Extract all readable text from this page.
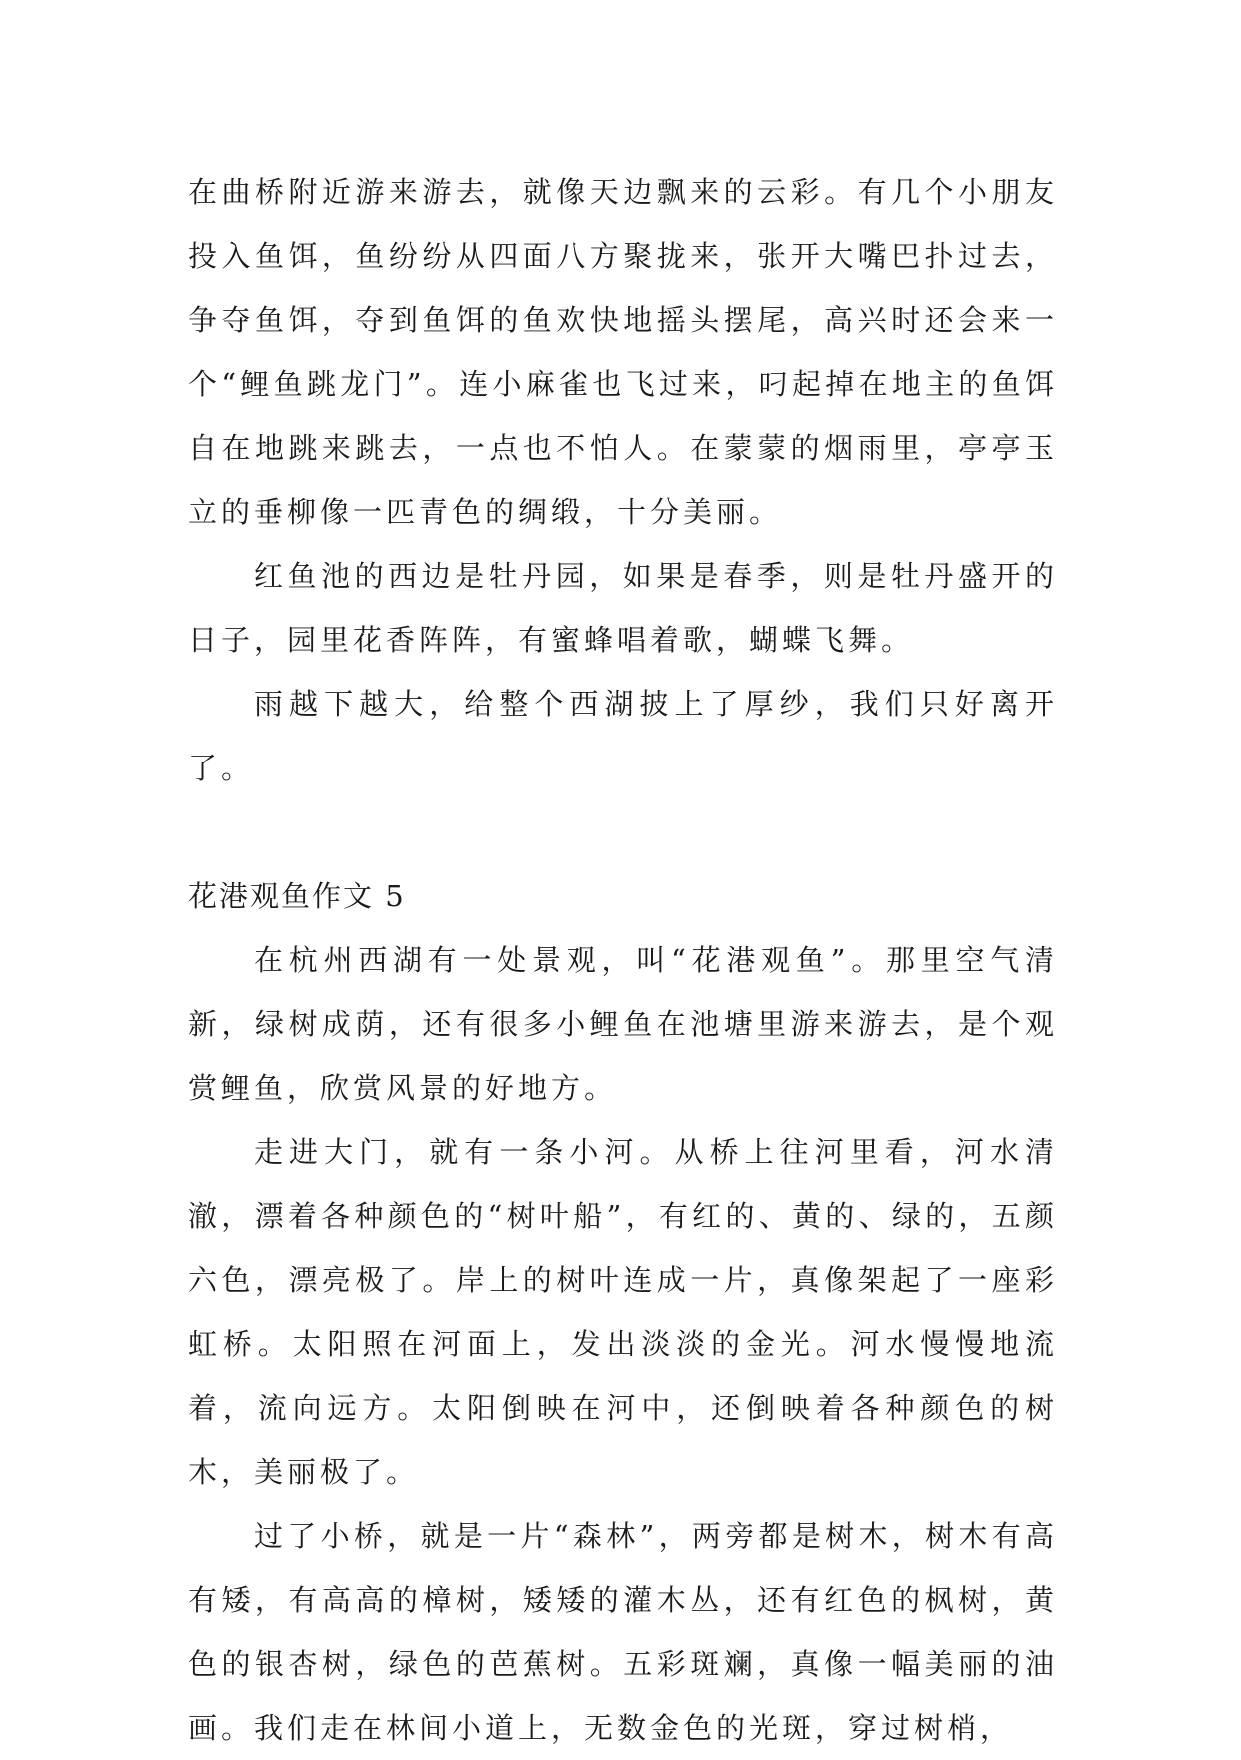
在曲桥附近游来游去，就像天边飘来的云彩。有几个小朋友投入鱼饵，鱼纷纷从四面八方聚拢来，张开大嘴巴扑过去，争夺鱼饵，夺到鱼饵的鱼欢快地摇头摆尾，高兴时还会来一个“鲤鱼跳龙门”。连小麻雀也飞过来，叼起掉在地主的鱼饵自在地跳来跳去，一点也不怕人。在蒙蒙的烟雨里，亭亭玉立的垂柳像一匹青色的绸缎，十分美丽。

红鱼池的西边是牡丹园，如果是春季，则是牡丹盛开的日子，园里花香阵阵，有蜜蜂唱着歌，蝴蝶飞舞。

雨越下越大，给整个西湖披上了厚纱，我们只好离开了。

花港观鱼作文 5

在杭州西湖有一处景观，叫“花港观鱼”。那里空气清新，绿树成荫，还有很多小鲤鱼在池塘里游来游去，是个观赏鲤鱼，欣赏风景的好地方。

走进大门，就有一条小河。从桥上往河里看，河水清澈，漂着各种颜色的“树叶船”，有红的、黄的、绿的，五颜六色，漂亮极了。岸上的树叶连成一片，真像架起了一座彩虹桥。太阳照在河面上，发出淡淡的金光。河水慢慢地流着，流向远方。太阳倒映在河中，还倒映着各种颜色的树木，美丽极了。

过了小桥，就是一片“森林”，两旁都是树木，树木有高有矮，有高高的樟树，矮矮的灌木丛，还有红色的枫树，黄色的银杏树，绿色的芭蕉树。五彩斑斓，真像一幅美丽的油画。我们走在林间小道上，无数金色的光斑，穿过树梢，
